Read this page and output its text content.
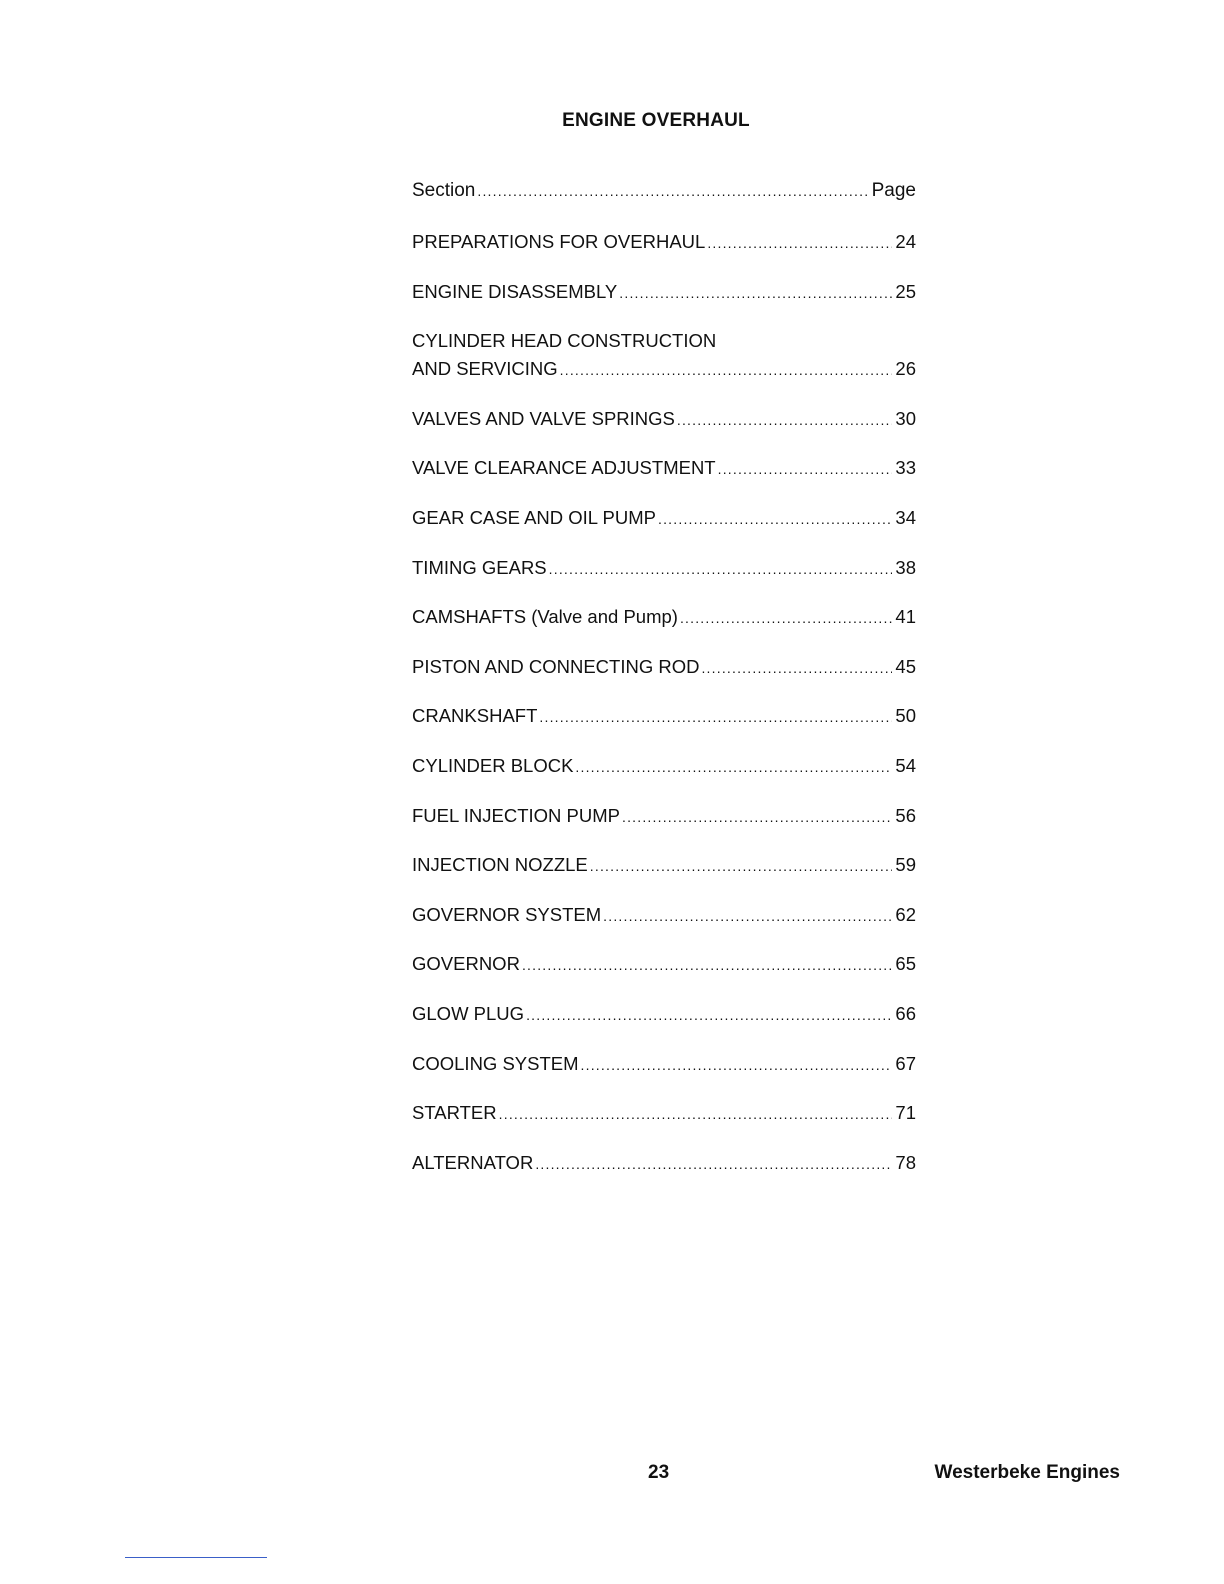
ENGINE OVERHAUL
Section .....	Page
PREPARATIONS FOR OVERHAUL .....	24
ENGINE DISASSEMBLY .....	25
CYLINDER HEAD CONSTRUCTION
AND SERVICING .....	26
VALVES AND VALVE SPRINGS .....	30
VALVE CLEARANCE ADJUSTMENT .....	33
GEAR CASE AND OIL PUMP .....	34
TIMING GEARS .....	38
CAMSHAFTS (Valve and Pump) .....	41
PISTON AND CONNECTING ROD .....	45
CRANKSHAFT .....	50
CYLINDER BLOCK .....	54
FUEL INJECTION PUMP .....	56
INJECTION NOZZLE .....	59
GOVERNOR SYSTEM .....	62
GOVERNOR .....	65
GLOW PLUG .....	66
COOLING SYSTEM .....	67
STARTER .....	71
ALTERNATOR .....	78
23	Westerbeke Engines
